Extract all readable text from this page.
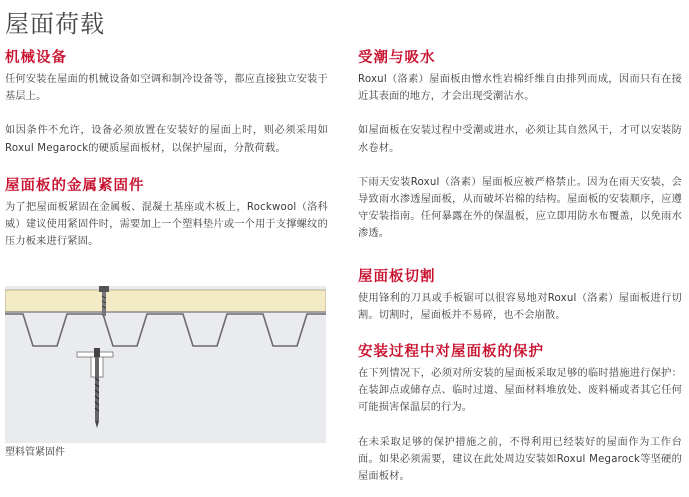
屋面荷载
机械设备

任何安装在屋面的机械设备如空调和制冷设备等，都应直接独立安装于基层上。

如因条件不允许，设备必须放置在安装好的屋面上时，则必须采用如Roxul Megarock的硬质屋面板材，以保护屋面，分散荷载。

屋面板的金属紧固件

为了把屋面板紧固在金属板、混凝土基座或木板上，Rockwool（洛科威）建议使用紧固件时，需要加上一个塑料垫片或一个用于支撑螺纹的压力板来进行紧固。

塑料管紧固件
受潮与吸水

Roxul（洛素）屋面板由憎水性岩棉纤维自由排列而成，因而只有在接近其表面的地方，才会出现受潮沾水。

如屋面板在安装过程中受潮或进水，必须让其自然风干，才可以安装防水卷材。

下雨天安装Roxul（洛素）屋面板应被严格禁止。因为在雨天安装，会导致雨水渗透屋面板，从而破坏岩棉的结构。屋面板的安装顺序，应遵守安装指南。任何暴露在外的保温板，应立即用防水布覆盖，以免雨水渗透。

屋面板切割

使用锋利的刀具或手板锯可以很容易地对Roxul（洛素）屋面板进行切割。切割时，屋面板并不易碎，也不会崩散。

安装过程中对屋面板的保护

在下列情况下，必须对所安装的屋面板采取足够的临时措施进行保护：在装卸点或储存点、临时过道、屋面材料堆放处、废料桶或者其它任何可能损害保温层的行为。

在未采取足够的保护措施之前，不得利用已经装好的屋面作为工作台面。如果必须需要，建议在此处周边安装如Roxul Megarock等坚硬的屋面板材。
